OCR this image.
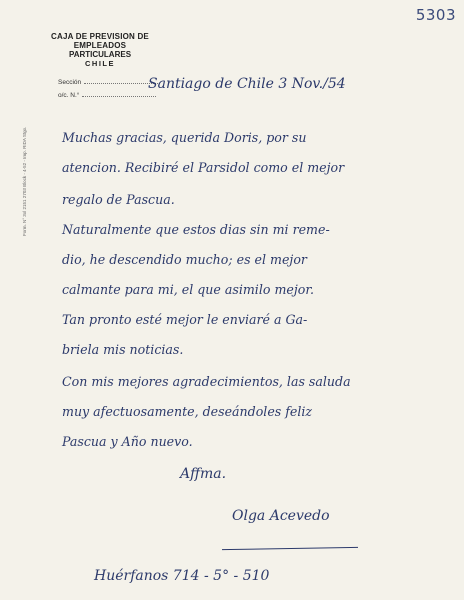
5303
CAJA DE PREVISION DE EMPLEADOS
PARTICULARES
CHILE
Sección
o/c. N.°
Form. N° 3ol 2151 2703 Block - 4-52 - Imp. RIDA Stgo.
Santiago de Chile 3 Nov./54
Muchas gracias, querida Doris, por su
atencion. Recibiré el Parsidol como el mejor
regalo de Pascua.
Naturalmente que estos dias sin mi reme-
dio, he descendido mucho; es el mejor
calmante para mi, el que asimilo mejor.
Tan pronto esté mejor le enviaré a Ga-
briela mis noticias.
Con mis mejores agradecimientos, las saluda
muy afectuosamente, deseándoles feliz
Pascua y Año nuevo.
Affma.
Olga Acevedo
Huérfanos 714 - 5° - 510
